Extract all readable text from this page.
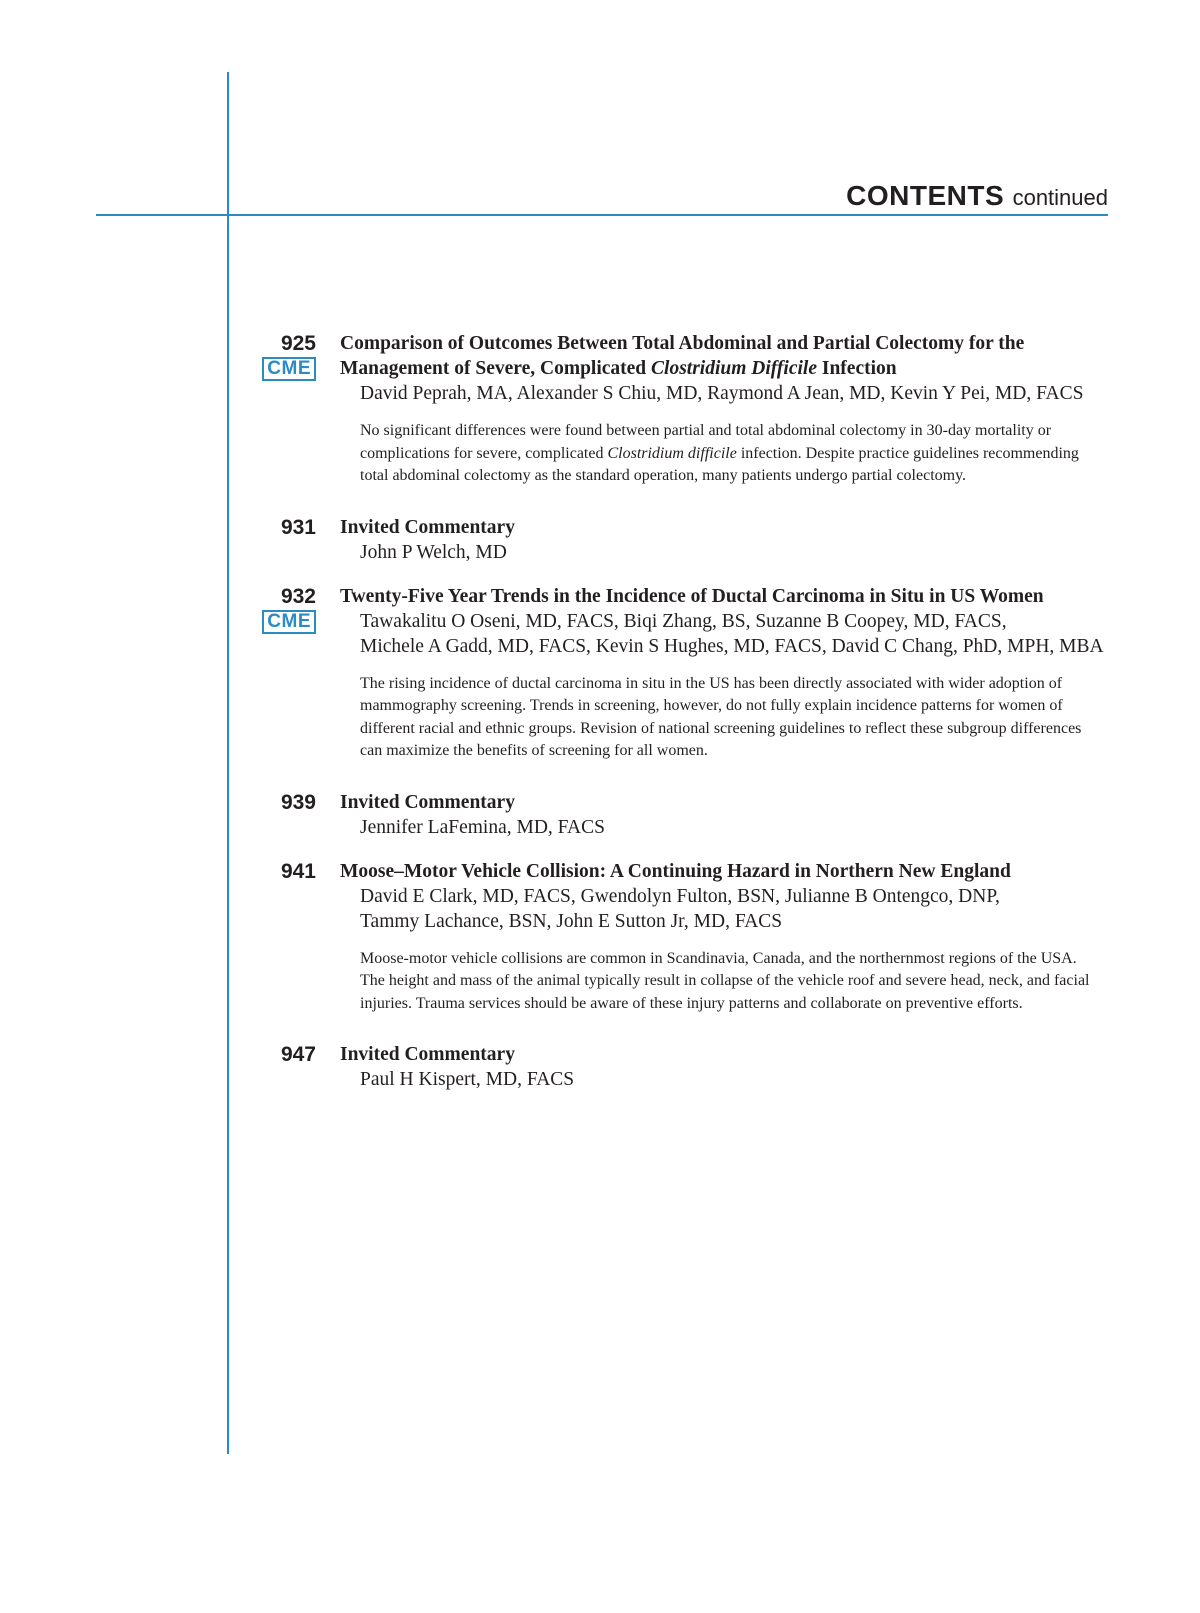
CONTENTS continued
925
CME

Comparison of Outcomes Between Total Abdominal and Partial Colectomy for the
Management of Severe, Complicated Clostridium Difficile Infection

David Peprah, MA, Alexander S Chiu, MD, Raymond A Jean, MD, Kevin Y Pei, MD, FACS

No significant differences were found between partial and total abdominal colectomy in 30-day mortality or complications for severe, complicated Clostridium difficile infection. Despite practice guidelines recommending total abdominal colectomy as the standard operation, many patients undergo partial colectomy.

931 Invited Commentary

John P Welch, MD

932
CME

Twenty-Five Year Trends in the Incidence of Ductal Carcinoma in Situ in US Women

Tawakalitu O Oseni, MD, FACS, Biqi Zhang, BS, Suzanne B Coopey, MD, FACS,
Michele A Gadd, MD, FACS, Kevin S Hughes, MD, FACS, David C Chang, PhD, MPH, MBA

The rising incidence of ductal carcinoma in situ in the US has been directly associated with wider adoption of mammography screening. Trends in screening, however, do not fully explain incidence patterns for women of different racial and ethnic groups. Revision of national screening guidelines to reflect these subgroup differences can maximize the benefits of screening for all women.

939 Invited Commentary

Jennifer LaFemina, MD, FACS

941 Moose–Motor Vehicle Collision: A Continuing Hazard in Northern New England

David E Clark, MD, FACS, Gwendolyn Fulton, BSN, Julianne B Ontengco, DNP,
Tammy Lachance, BSN, John E Sutton Jr, MD, FACS

Moose-motor vehicle collisions are common in Scandinavia, Canada, and the northernmost regions of the USA. The height and mass of the animal typically result in collapse of the vehicle roof and severe head, neck, and facial injuries. Trauma services should be aware of these injury patterns and collaborate on preventive efforts.

947 Invited Commentary

Paul H Kispert, MD, FACS
